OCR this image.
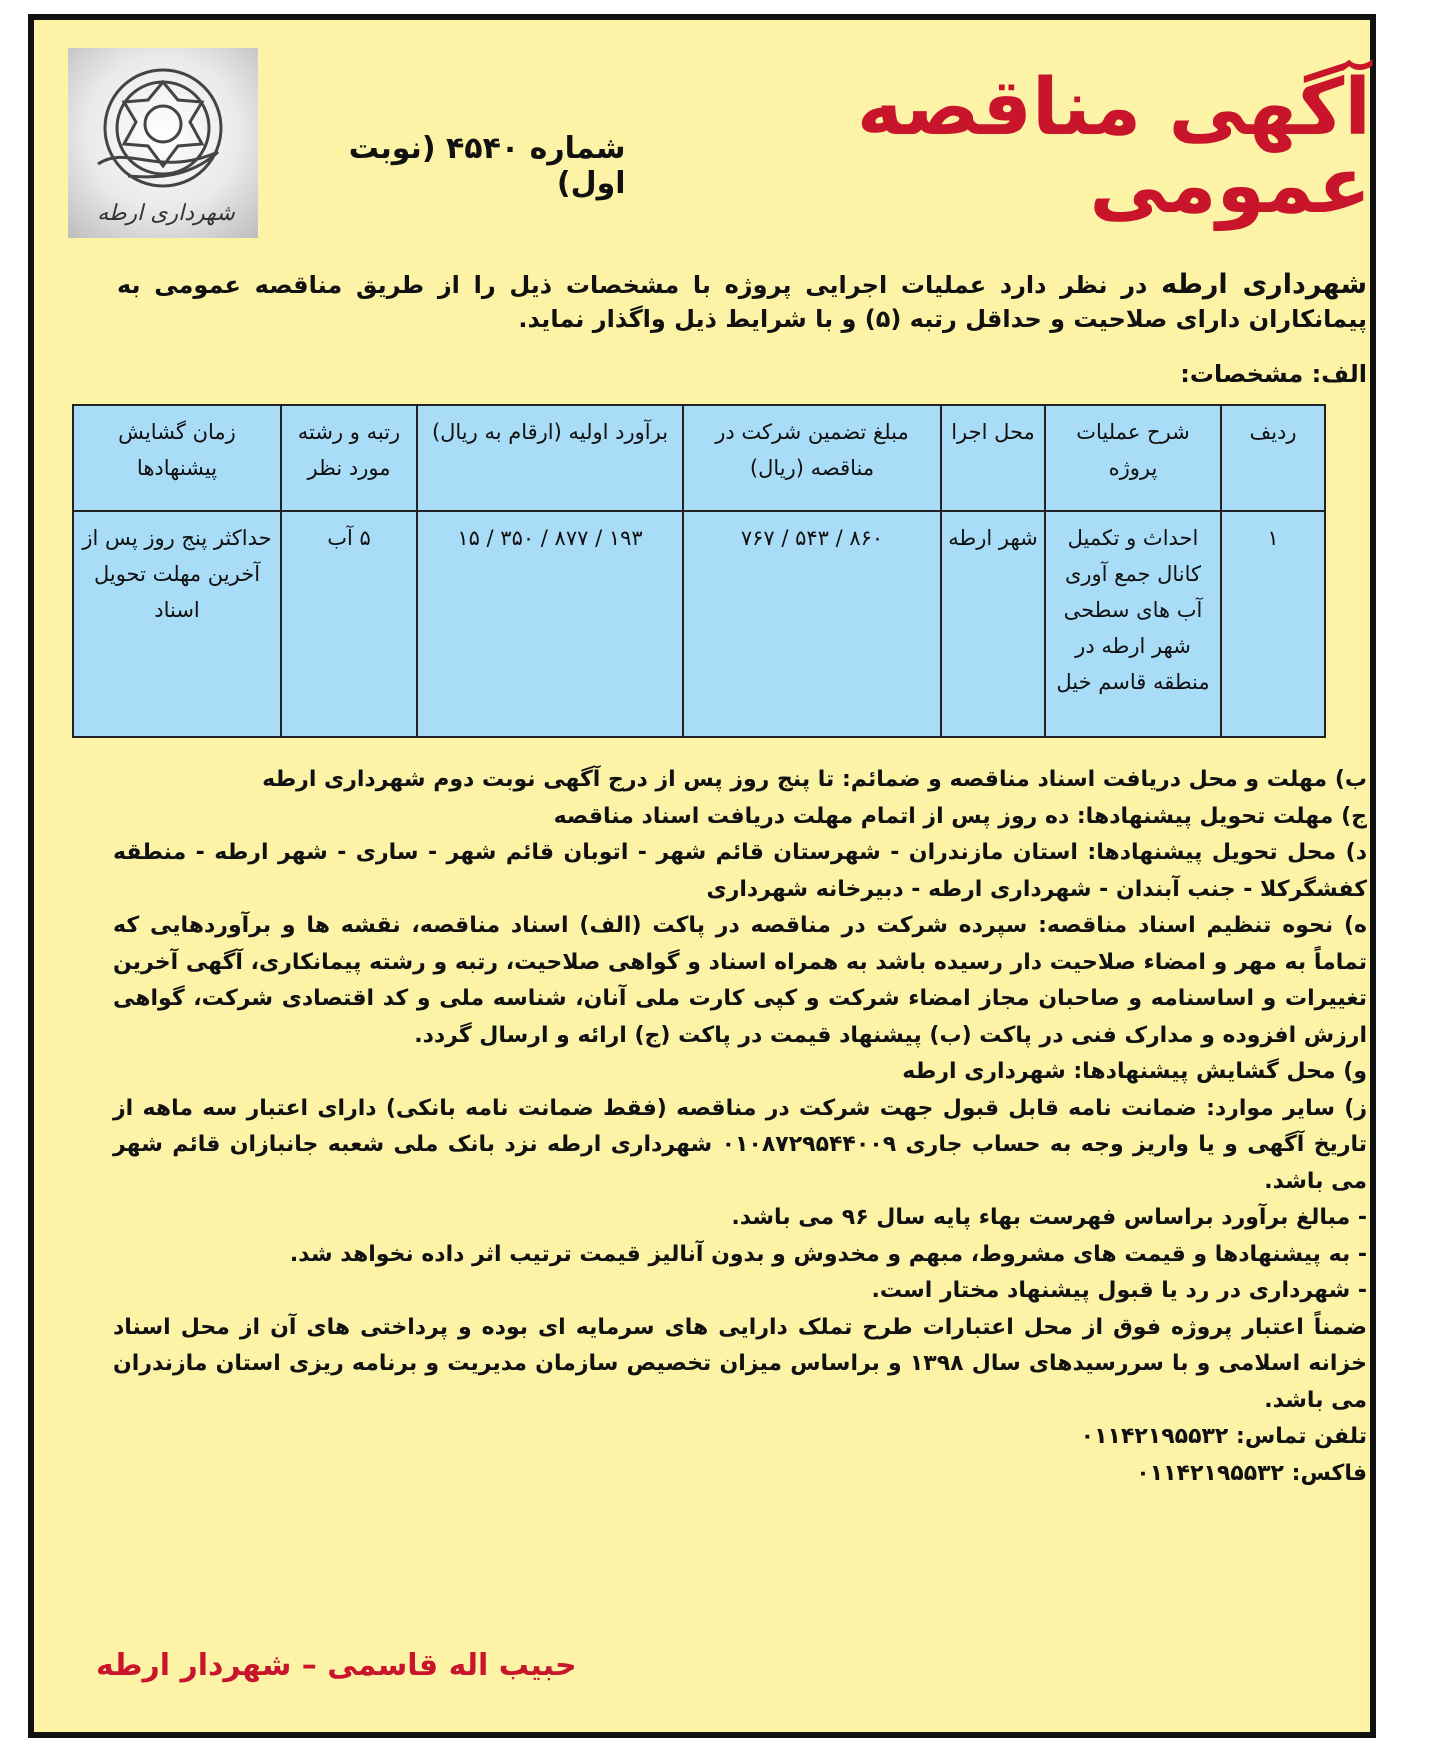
شهرداری ارطه
آگهی مناقصه عمومی
شماره ۴۵۴۰ (نوبت اول)
شهرداری ارطه در نظر دارد عملیات اجرایی پروژه با مشخصات ذیل را از طریق مناقصه عمومی به پیمانکاران دارای صلاحیت و حداقل رتبه (۵) و با شرایط ذیل واگذار نماید.
الف: مشخصات:
ردیف	شرح عملیات پروژه	محل اجرا	مبلغ تضمین شرکت در مناقصه (ریال)	برآورد اولیه (ارقام به ریال)	رتبه و رشته مورد نظر	زمان گشایش پیشنهادها
۱	احداث و تکمیل کانال جمع آوری آب های سطحی شهر ارطه در منطقه قاسم خیل	شهر ارطه	۷۶۷ / ۵۴۳ / ۸۶۰	۱۵ / ۳۵۰ / ۸۷۷ / ۱۹۳	۵ آب	حداکثر پنج روز پس از آخرین مهلت تحویل اسناد

ب) مهلت و محل دریافت اسناد مناقصه و ضمائم: تا پنج روز پس از درج آگهی نوبت دوم شهرداری ارطه

ج) مهلت تحویل پیشنهادها: ده روز پس از اتمام مهلت دریافت اسناد مناقصه

د) محل تحویل پیشنهادها: استان مازندران - شهرستان قائم شهر - اتوبان قائم شهر - ساری - شهر ارطه - منطقه کفشگرکلا - جنب آبندان - شهرداری ارطه - دبیرخانه شهرداری

ه) نحوه تنظیم اسناد مناقصه: سپرده شرکت در مناقصه در پاکت (الف) اسناد مناقصه، نقشه ها و برآوردهایی که تماماً به مهر و امضاء صلاحیت دار رسیده باشد به همراه اسناد و گواهی صلاحیت، رتبه و رشته پیمانکاری، آگهی آخرین تغییرات و اساسنامه و صاحبان مجاز امضاء شرکت و کپی کارت ملی آنان، شناسه ملی و کد اقتصادی شرکت، گواهی ارزش افزوده و مدارک فنی در پاکت (ب) پیشنهاد قیمت در پاکت (ج) ارائه و ارسال گردد.

و) محل گشایش پیشنهادها: شهرداری ارطه

ز) سایر موارد: ضمانت نامه قابل قبول جهت شرکت در مناقصه (فقط ضمانت نامه بانکی) دارای اعتبار سه ماهه از تاریخ آگهی و یا واریز وجه به حساب جاری ۰۱۰۸۷۲۹۵۴۴۰۰۹ شهرداری ارطه نزد بانک ملی شعبه جانبازان قائم شهر می باشد.

- مبالغ برآورد براساس فهرست بهاء پایه سال ۹۶ می باشد.

- به پیشنهادها و قیمت های مشروط، مبهم و مخدوش و بدون آنالیز قیمت ترتیب اثر داده نخواهد شد.

- شهرداری در رد یا قبول پیشنهاد مختار است.

ضمناً اعتبار پروژه فوق از محل اعتبارات طرح تملک دارایی های سرمایه ای بوده و پرداختی های آن از محل اسناد خزانه اسلامی و با سررسیدهای سال ۱۳۹۸ و براساس میزان تخصیص سازمان مدیریت و برنامه ریزی استان مازندران می باشد.

تلفن تماس: ۰۱۱۴۲۱۹۵۵۳۲

فاکس: ۰۱۱۴۲۱۹۵۵۳۲

حبیب اله قاسمی – شهردار ارطه
